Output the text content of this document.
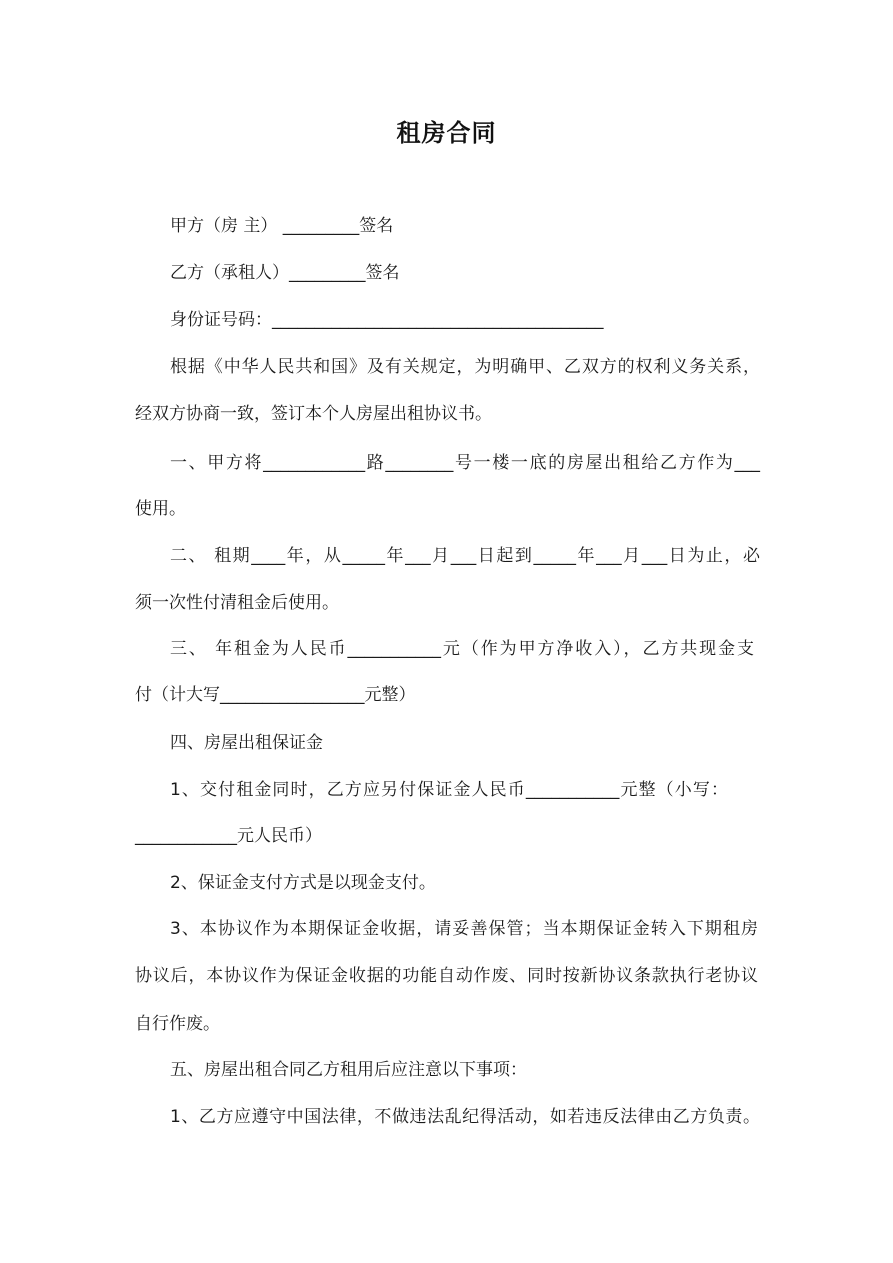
租房合同
甲方（房 主） _________签名
乙方（承租人）_________签名
身份证号码：_______________________________________
根据《中华人民共和国》及有关规定，为明确甲、乙双方的权利义务关系，
经双方协商一致，签订本个人房屋出租协议书。
一、甲方将____________路________号一楼一底的房屋出租给乙方作为___
使用。
二、 租期____年，从_____年___月___日起到_____年___月___日为止，必
须一次性付清租金后使用。
三、 年租金为人民币___________元（作为甲方净收入），乙方共现金支
付（计大写_________________元整）
四、房屋出租保证金
1、交付租金同时，乙方应另付保证金人民币___________元整（小写：
____________元人民币）
2、保证金支付方式是以现金支付。
3、本协议作为本期保证金收据，请妥善保管；当本期保证金转入下期租房
协议后，本协议作为保证金收据的功能自动作废、同时按新协议条款执行老协议
自行作废。
五、房屋出租合同乙方租用后应注意以下事项：
1、乙方应遵守中国法律，不做违法乱纪得活动，如若违反法律由乙方负责。
